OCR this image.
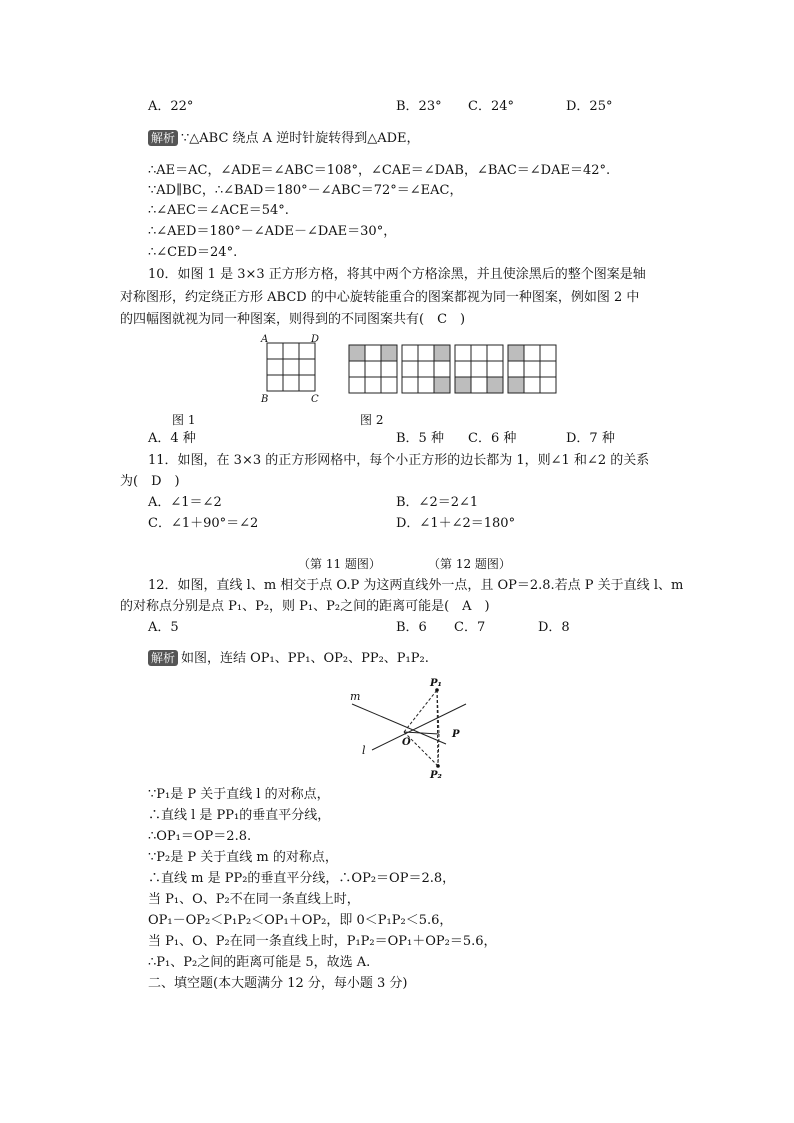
A．22°	B．23° C．24°	D．25°
解析 ∵△ABC 绕点 A 逆时针旋转得到△ADE，
∴AE＝AC，∠ADE＝∠ABC＝108°，∠CAE＝∠DAB，∠BAC＝∠DAE＝42°.
∵AD∥BC，∴∠BAD＝180°－∠ABC＝72°＝∠EAC，
∴∠AEC＝∠ACE＝54°.
∴∠AED＝180°－∠ADE－∠DAE＝30°，
∴∠CED＝24°.
10．如图 1 是 3×3 正方形方格，将其中两个方格涂黑，并且使涂黑后的整个图案是轴
对称图形，约定绕正方形 ABCD 的中心旋转能重合的图案都视为同一种图案，例如图 2 中
的四幅图就视为同一种图案，则得到的不同图案共有(　C　)
A	D
B	C
图 1	图 2
A．4 种	B．5 种 C．6 种	D．7 种
11．如图，在 3×3 的正方形网格中，每个小正方形的边长都为 1，则∠1 和∠2 的关系
为(　D　)
A．∠1＝∠2	B．∠2＝2∠1
C．∠1＋90°＝∠2	D．∠1＋∠2＝180°
（第 11 题图）	（第 12 题图）
12．如图，直线 l、m 相交于点 O.P 为这两直线外一点，且 OP＝2.8.若点 P 关于直线 l、m
的对称点分别是点 P₁、P₂，则 P₁、P₂之间的距离可能是(　A　)
A．5	B．6 C．7	D．8
解析 如图，连结 OP₁、PP₁、OP₂、PP₂、P₁P₂.
m
l
O
P
P₁
P₂
∵P₁是 P 关于直线 l 的对称点，
∴直线 l 是 PP₁的垂直平分线，
∴OP₁＝OP＝2.8.
∵P₂是 P 关于直线 m 的对称点，
∴直线 m 是 PP₂的垂直平分线，∴OP₂＝OP＝2.8，
当 P₁、O、P₂不在同一条直线上时，
OP₁－OP₂＜P₁P₂＜OP₁＋OP₂，即 0＜P₁P₂＜5.6，
当 P₁、O、P₂在同一条直线上时，P₁P₂＝OP₁＋OP₂＝5.6，
∴P₁、P₂之间的距离可能是 5，故选 A.
二、填空题(本大题满分 12 分，每小题 3 分)
